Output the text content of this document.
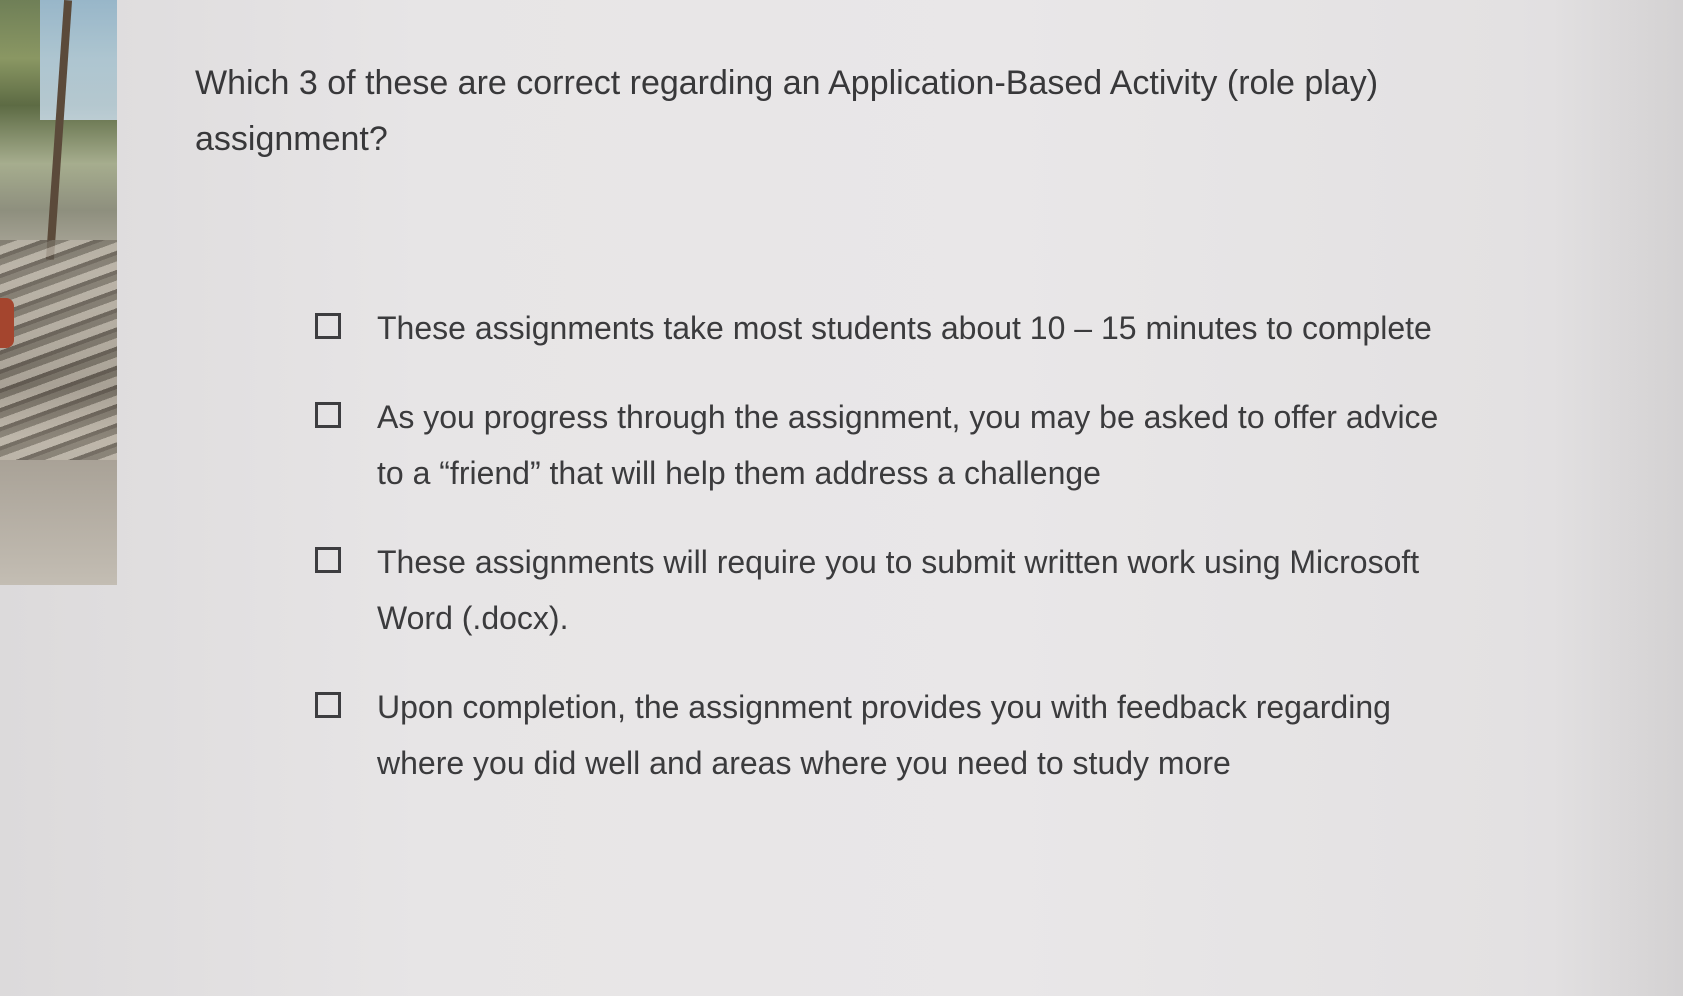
Which 3 of these are correct regarding an Application-Based Activity (role play) assignment?
These assignments take most students about 10 – 15 minutes to complete
As you progress through the assignment, you may be asked to offer advice to a “friend” that will help them address a challenge
These assignments will require you to submit written work using Microsoft Word (.docx).
Upon completion, the assignment provides you with feedback regarding where you did well and areas where you need to study more
